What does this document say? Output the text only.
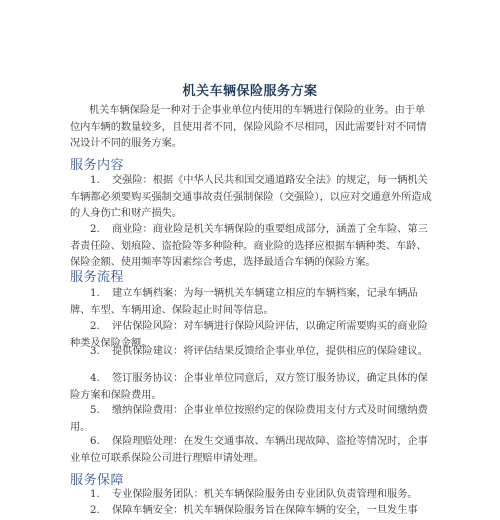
机关车辆保险服务方案
机关车辆保险是一种对于企事业单位内使用的车辆进行保险的业务。由于单位内车辆的数量较多，且使用者不同，保险风险不尽相同，因此需要针对不同情况设计不同的服务方案。
服务内容
1. 交强险：根据《中华人民共和国交通道路安全法》的规定，每一辆机关车辆都必须要购买强制交通事故责任强制保险（交强险），以应对交通意外所造成的人身伤亡和财产损失。
2. 商业险：商业险是机关车辆保险的重要组成部分，涵盖了全车险、第三者责任险、划痕险、盗抢险等多种险种。商业险的选择应根据车辆种类、车龄、保险金额、使用频率等因素综合考虑，选择最适合车辆的保险方案。
服务流程
1. 建立车辆档案：为每一辆机关车辆建立相应的车辆档案，记录车辆品牌、车型、车辆用途、保险起止时间等信息。
2. 评估保险风险：对车辆进行保险风险评估，以确定所需要购买的商业险种类及保险金额。
3. 提供保险建议：将评估结果反馈给企事业单位，提供相应的保险建议。
4. 签订服务协议：企事业单位同意后，双方签订服务协议，确定具体的保险方案和保险费用。
5. 缴纳保险费用：企事业单位按照约定的保险费用支付方式及时间缴纳费用。
6. 保险理赔处理：在发生交通事故、车辆出现故障、盗抢等情况时，企事业单位可联系保险公司进行理赔申请处理。
服务保障
1. 专业保险服务团队：机关车辆保险服务由专业团队负责管理和服务。
2. 保障车辆安全：机关车辆保险服务旨在保障车辆的安全，一旦发生事
